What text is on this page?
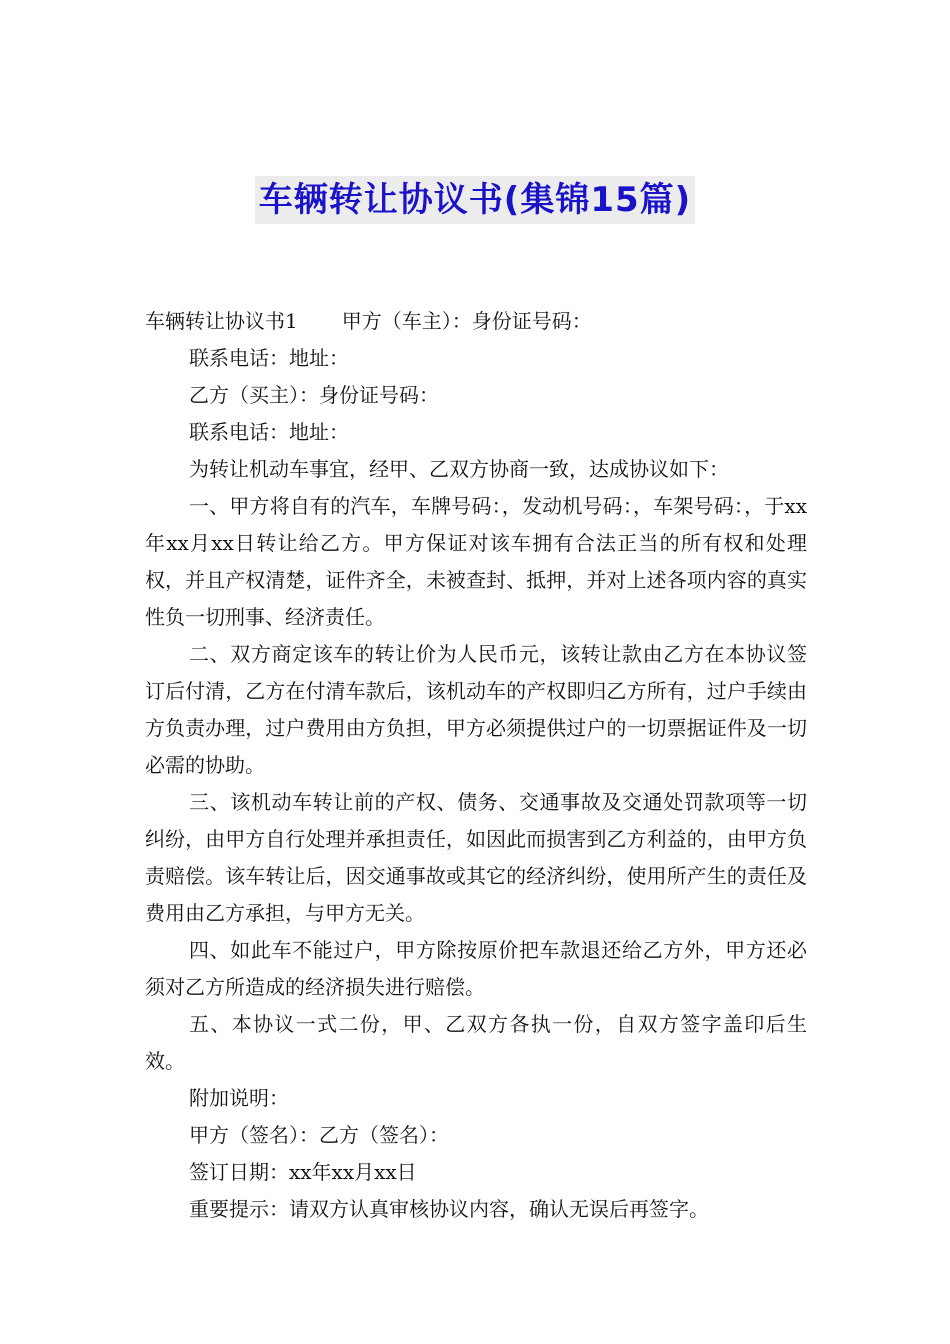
车辆转让协议书(集锦15篇)

车辆转让协议书1 甲方（车主）：身份证号码：

联系电话：地址：

乙方（买主）：身份证号码：

联系电话：地址：

为转让机动车事宜，经甲、乙双方协商一致，达成协议如下：

一、甲方将自有的汽车，车牌号码：，发动机号码：，车架号码：，于xx年xx月xx日转让给乙方。甲方保证对该车拥有合法正当的所有权和处理权，并且产权清楚，证件齐全，未被查封、抵押，并对上述各项内容的真实性负一切刑事、经济责任。

二、双方商定该车的转让价为人民币元，该转让款由乙方在本协议签订后付清，乙方在付清车款后，该机动车的产权即归乙方所有，过户手续由方负责办理，过户费用由方负担，甲方必须提供过户的一切票据证件及一切必需的协助。

三、该机动车转让前的产权、债务、交通事故及交通处罚款项等一切纠纷，由甲方自行处理并承担责任，如因此而损害到乙方利益的，由甲方负责赔偿。该车转让后，因交通事故或其它的经济纠纷，使用所产生的责任及费用由乙方承担，与甲方无关。

四、如此车不能过户，甲方除按原价把车款退还给乙方外，甲方还必须对乙方所造成的经济损失进行赔偿。

五、本协议一式二份，甲、乙双方各执一份，自双方签字盖印后生效。

附加说明：

甲方（签名）：乙方（签名）：

签订日期：xx年xx月xx日

重要提示：请双方认真审核协议内容，确认无误后再签字。
